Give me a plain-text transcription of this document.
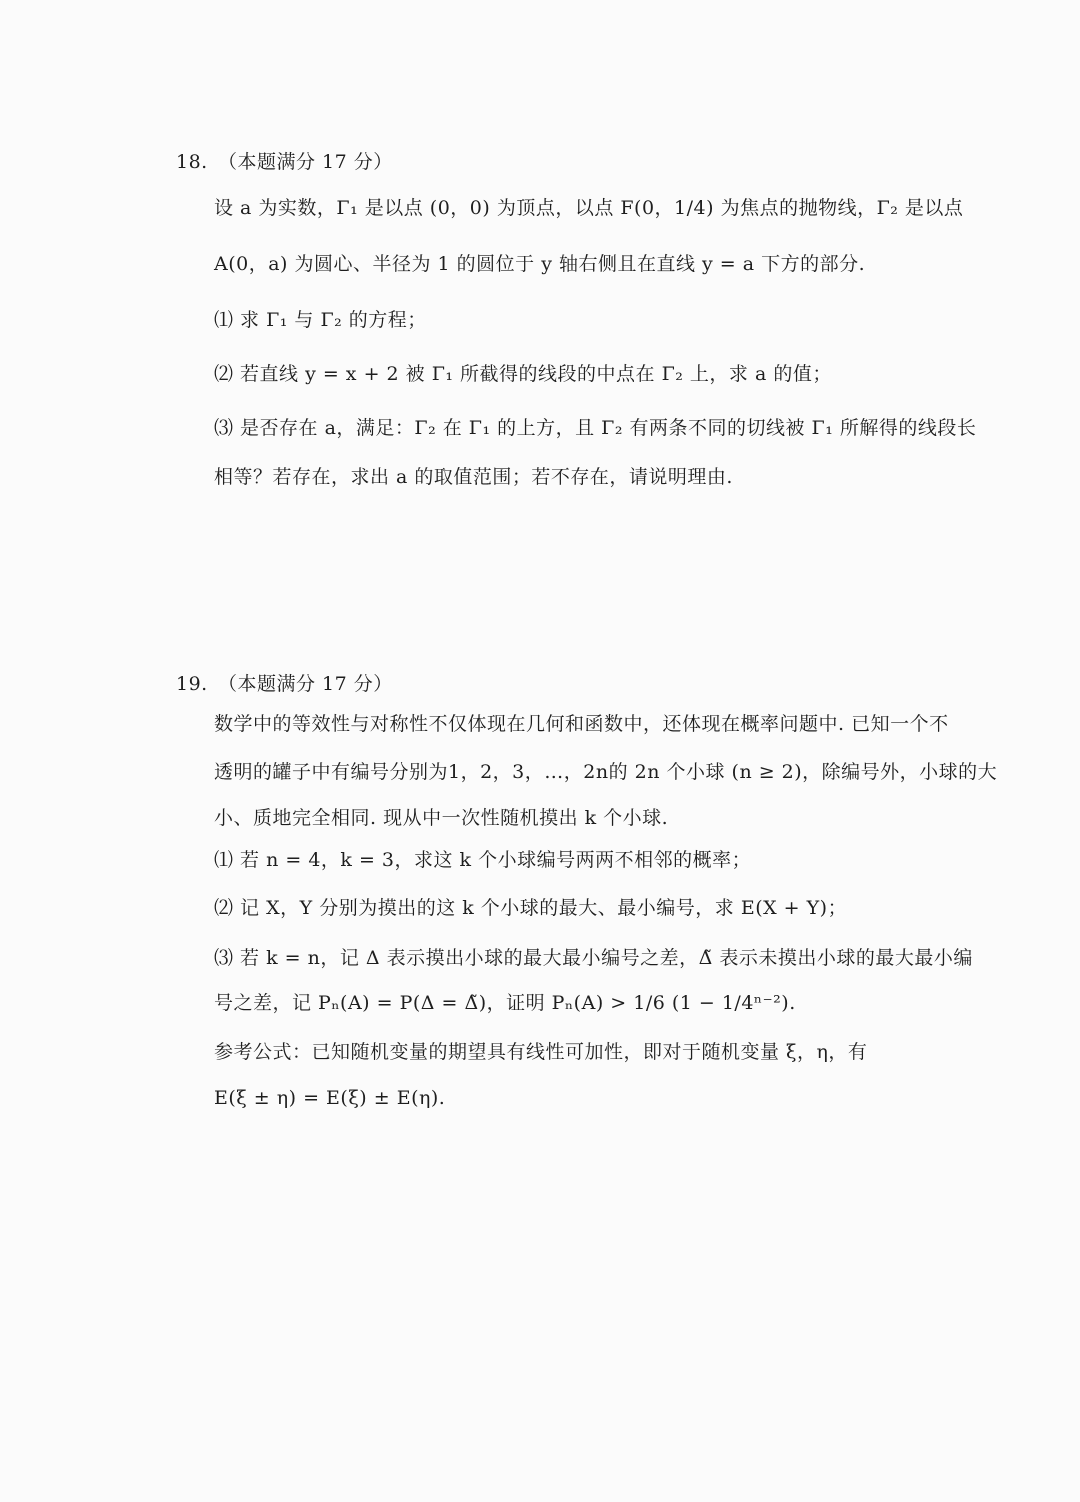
18. （本题满分 17 分）
设 a 为实数，Γ₁ 是以点 (0，0) 为顶点，以点 F(0，1/4) 为焦点的抛物线，Γ₂ 是以点
A(0，a) 为圆心、半径为 1 的圆位于 y 轴右侧且在直线 y = a 下方的部分.
⑴ 求 Γ₁ 与 Γ₂ 的方程；
⑵ 若直线 y = x + 2 被 Γ₁ 所截得的线段的中点在 Γ₂ 上，求 a 的值；
⑶ 是否存在 a，满足：Γ₂ 在 Γ₁ 的上方，且 Γ₂ 有两条不同的切线被 Γ₁ 所解得的线段长
相等？若存在，求出 a 的取值范围；若不存在，请说明理由.
19. （本题满分 17 分）
数学中的等效性与对称性不仅体现在几何和函数中，还体现在概率问题中. 已知一个不
透明的罐子中有编号分别为1，2，3，…，2n的 2n 个小球 (n ≥ 2)，除编号外，小球的大
小、质地完全相同. 现从中一次性随机摸出 k 个小球.
⑴ 若 n = 4，k = 3，求这 k 个小球编号两两不相邻的概率；
⑵ 记 X，Y 分别为摸出的这 k 个小球的最大、最小编号，求 E(X + Y)；
⑶ 若 k = n，记 Δ 表示摸出小球的最大最小编号之差，Δ̃ 表示未摸出小球的最大最小编
号之差，记 Pₙ(A) = P(Δ = Δ̃)，证明 Pₙ(A) > 1/6 (1 − 1/4ⁿ⁻²).
参考公式：已知随机变量的期望具有线性可加性，即对于随机变量 ξ，η，有
E(ξ ± η) = E(ξ) ± E(η).
